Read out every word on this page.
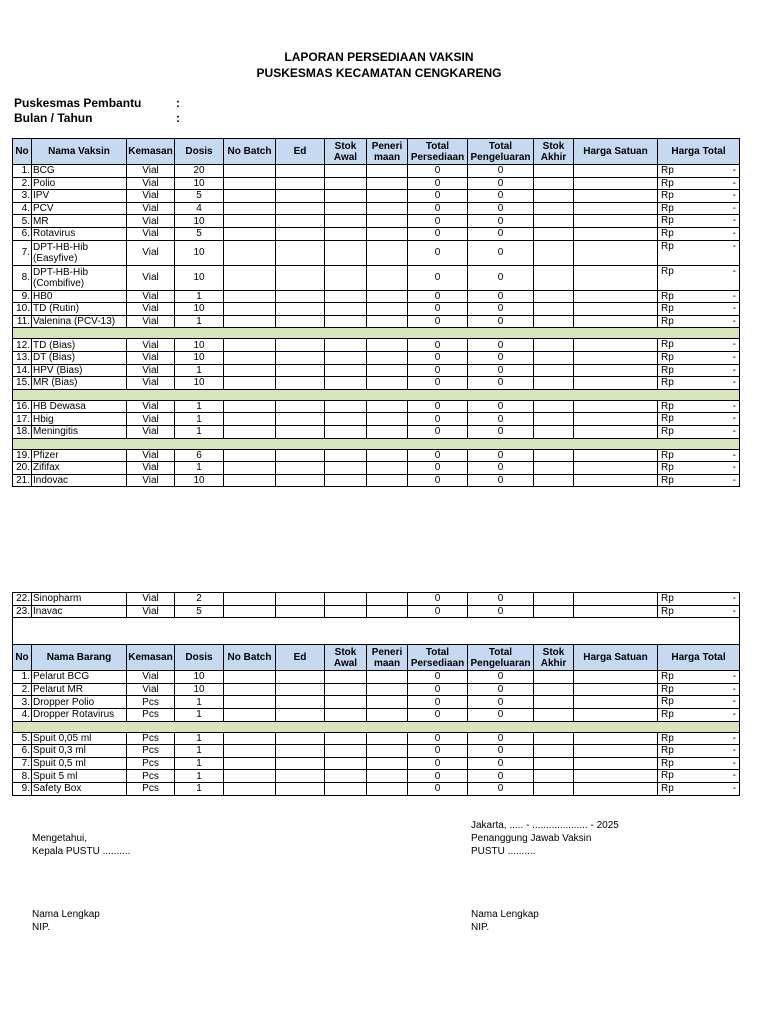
LAPORAN PERSEDIAAN VAKSIN
PUSKESMAS KECAMATAN CENGKARENG
Puskesmas Pembantu	:
Bulan / Tahun	:
No	Nama Vaksin	Kemasan	Dosis	No Batch	Ed	Stok Awal	Peneri maan	Total Persediaan	Total Pengeluaran	Stok Akhir	Harga Satuan	Harga Total
1.	BCG	Vial	20					0	0			Rp -

2.	Polio	Vial	10					0	0			Rp -

3.	IPV	Vial	5					0	0			Rp -

4.	PCV	Vial	4					0	0			Rp -

5.	MR	Vial	10					0	0			Rp -

6.	Rotavirus	Vial	5					0	0			Rp -

7.	DPT-HB-Hib (Easyfive)	Vial	10					0	0			Rp -

8.	DPT-HB-Hib (Combifive)	Vial	10					0	0			Rp -

9.	HB0	Vial	1					0	0			Rp -

10.	TD (Rutin)	Vial	10					0	0			Rp -

11.	Valenina (PCV-13)	Vial	1					0	0			Rp -

12.	TD (Bias)	Vial	10					0	0			Rp -

13.	DT (Bias)	Vial	10					0	0			Rp -

14.	HPV (Bias)	Vial	1					0	0			Rp -

15.	MR (Bias)	Vial	10					0	0			Rp -

16.	HB Dewasa	Vial	1					0	0			Rp -

17.	Hbig	Vial	1					0	0			Rp -

18.	Meningitis	Vial	1					0	0			Rp -

19.	Pfizer	Vial	6					0	0			Rp -

20.	Zififax	Vial	1					0	0			Rp -

21.	Indovac	Vial	10					0	0			Rp -
22.	Sinopharm	Vial	2					0	0			Rp -

23.	Inavac	Vial	5					0	0			Rp -

No	Nama Barang	Kemasan	Dosis	No Batch	Ed	Stok Awal	Peneri maan	Total Persediaan	Total Pengeluaran	Stok Akhir	Harga Satuan	Harga Total
1.	Pelarut BCG	Vial	10					0	0			Rp -

2.	Pelarut MR	Vial	10					0	0			Rp -

3.	Dropper Polio	Pcs	1					0	0			Rp -

4.	Dropper Rotavirus	Pcs	1					0	0			Rp -

5.	Spuit 0,05 ml	Pcs	1					0	0			Rp -

6.	Spuit 0,3 ml	Pcs	1					0	0			Rp -

7.	Spuit 0,5 ml	Pcs	1					0	0			Rp -

8.	Spuit 5 ml	Pcs	1					0	0			Rp -

9.	Safety Box	Pcs	1					0	0			Rp -
Mengetahui,
Kepala PUSTU ..........
Nama Lengkap
NIP.
Jakarta, ..... - .................... - 2025
Penanggung Jawab Vaksin
PUSTU ..........
Nama Lengkap
NIP.
